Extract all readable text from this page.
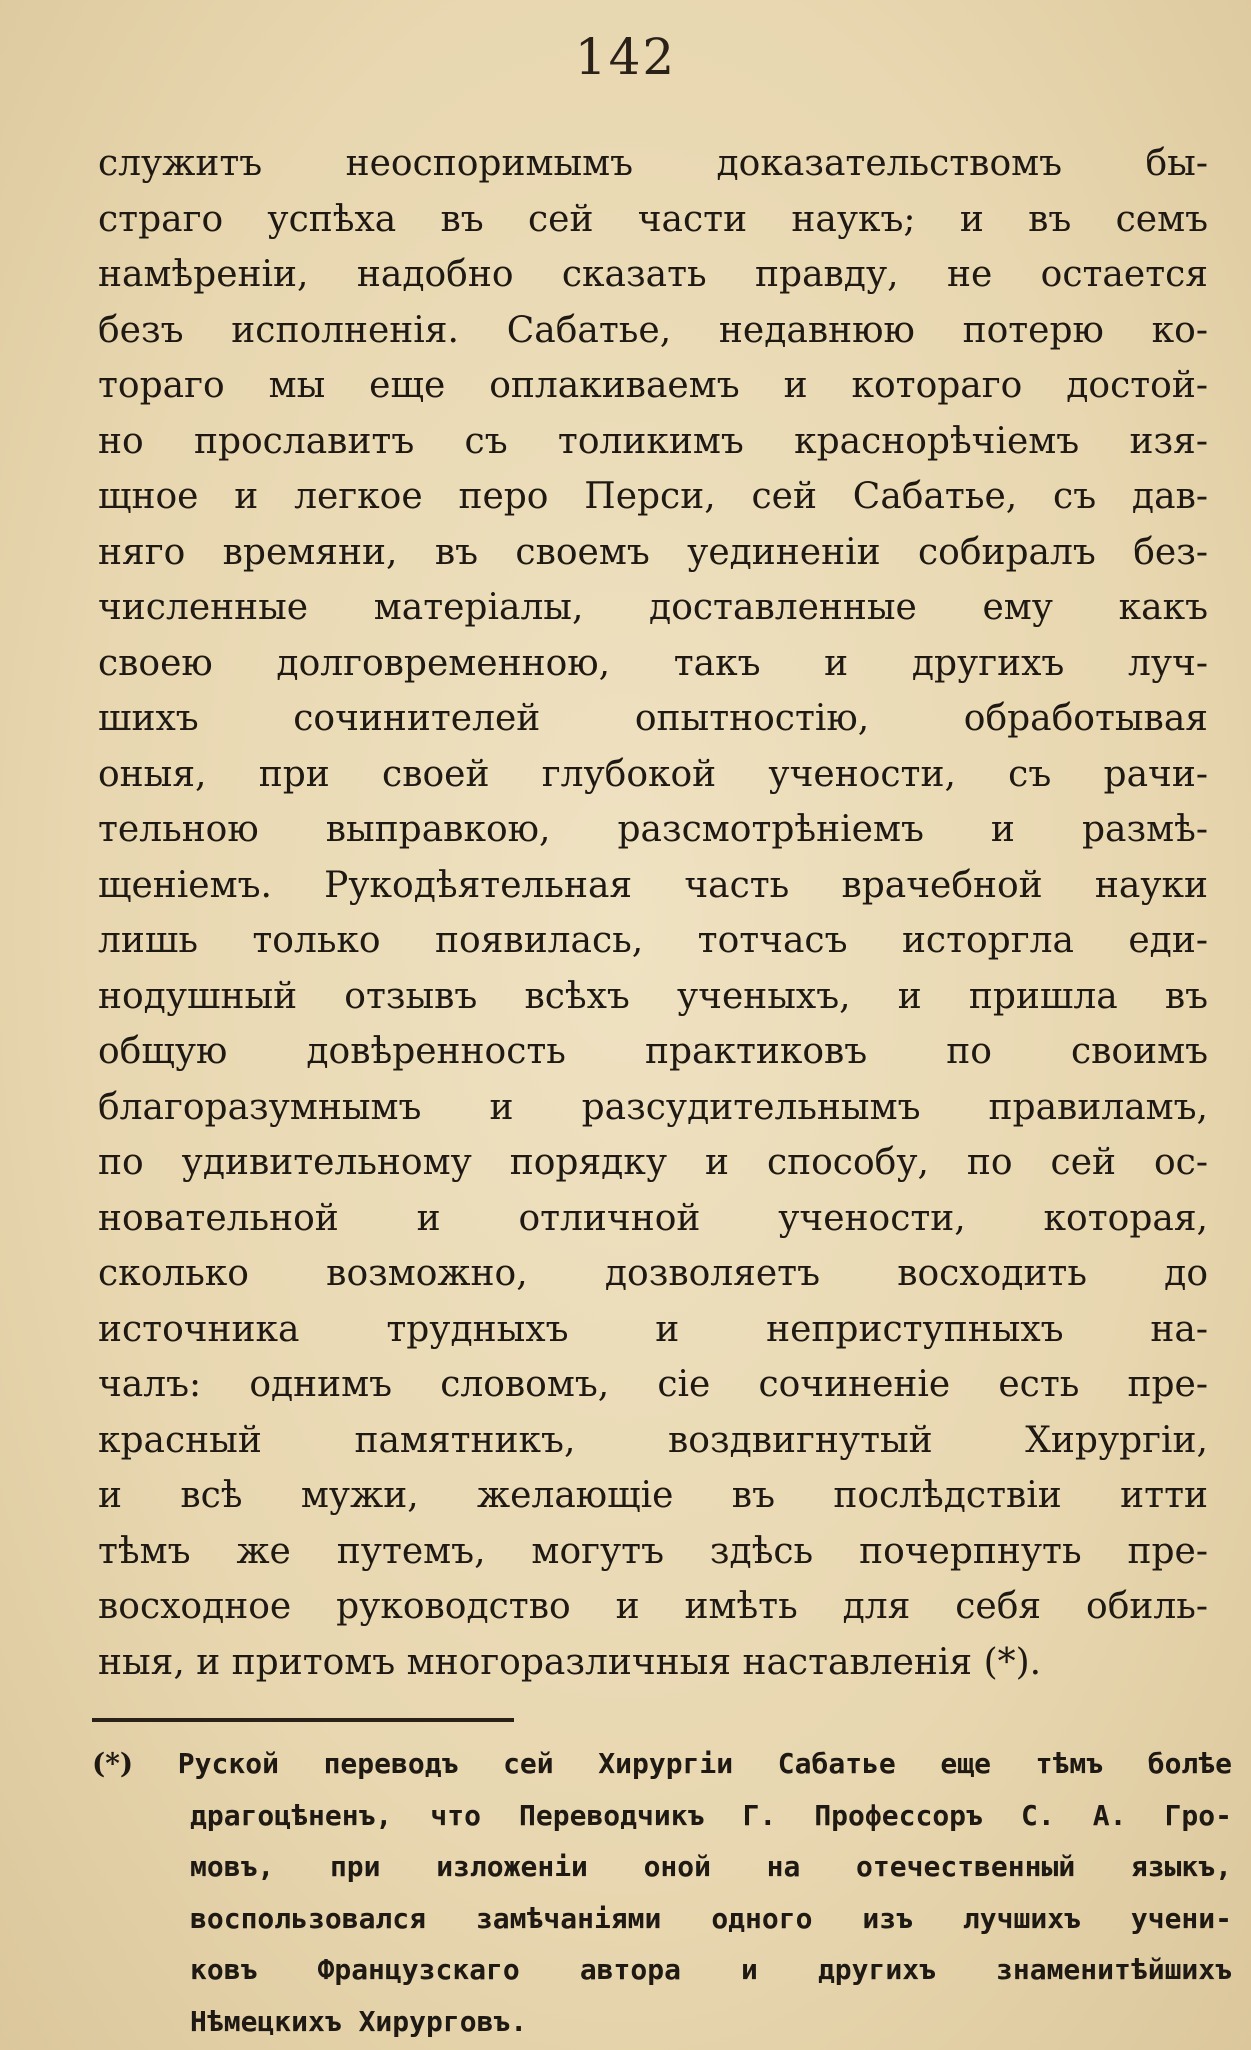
142
служитъ неоспоримымъ доказательствомъ бы-
страго успѣха въ сей части наукъ; и въ семъ
намѣреніи, надобно сказать правду, не остается
безъ исполненія. Сабатье, недавнюю потерю ко-
тораго мы еще оплакиваемъ и котораго достой-
но прославитъ съ толикимъ краснорѣчіемъ изя-
щное и легкое перо Перси, сей Сабатье, съ дав-
няго времяни, въ своемъ уединеніи собиралъ без-
численные матеріалы, доставленные ему какъ
своею долговременною, такъ и другихъ луч-
шихъ сочинителей опытностію, обработывая
оныя, при своей глубокой учености, съ рачи-
тельною выправкою, разсмотрѣніемъ и размѣ-
щеніемъ. Рукодѣятельная часть врачебной науки
лишь только появилась, тотчасъ исторгла еди-
нодушный отзывъ всѣхъ ученыхъ, и пришла въ
общую довѣренность практиковъ по своимъ
благоразумнымъ и разсудительнымъ правиламъ,
по удивительному порядку и способу, по сей ос-
новательной и отличной учености, которая,
сколько возможно, дозволяетъ восходить до
источника трудныхъ и неприступныхъ на-
чалъ: однимъ словомъ, сіе сочиненіе есть пре-
красный памятникъ, воздвигнутый Хирургіи,
и всѣ мужи, желающіе въ послѣдствіи итти
тѣмъ же путемъ, могутъ здѣсь почерпнуть пре-
восходное руководство и имѣть для себя обиль-
ныя, и притомъ многоразличныя наставленія (*).
(*) Руской переводъ сей Хирургіи Сабатье еще тѣмъ болѣе
драгоцѣненъ, что Переводчикъ Г. Профессоръ С. А. Гро-
мовъ, при изложеніи оной на отечественный языкъ,
воспользовался замѣчаніями одного изъ лучшихъ учени-
ковъ Французскаго автора и другихъ знаменитѣйшихъ
Нѣмецкихъ Хирурговъ.
